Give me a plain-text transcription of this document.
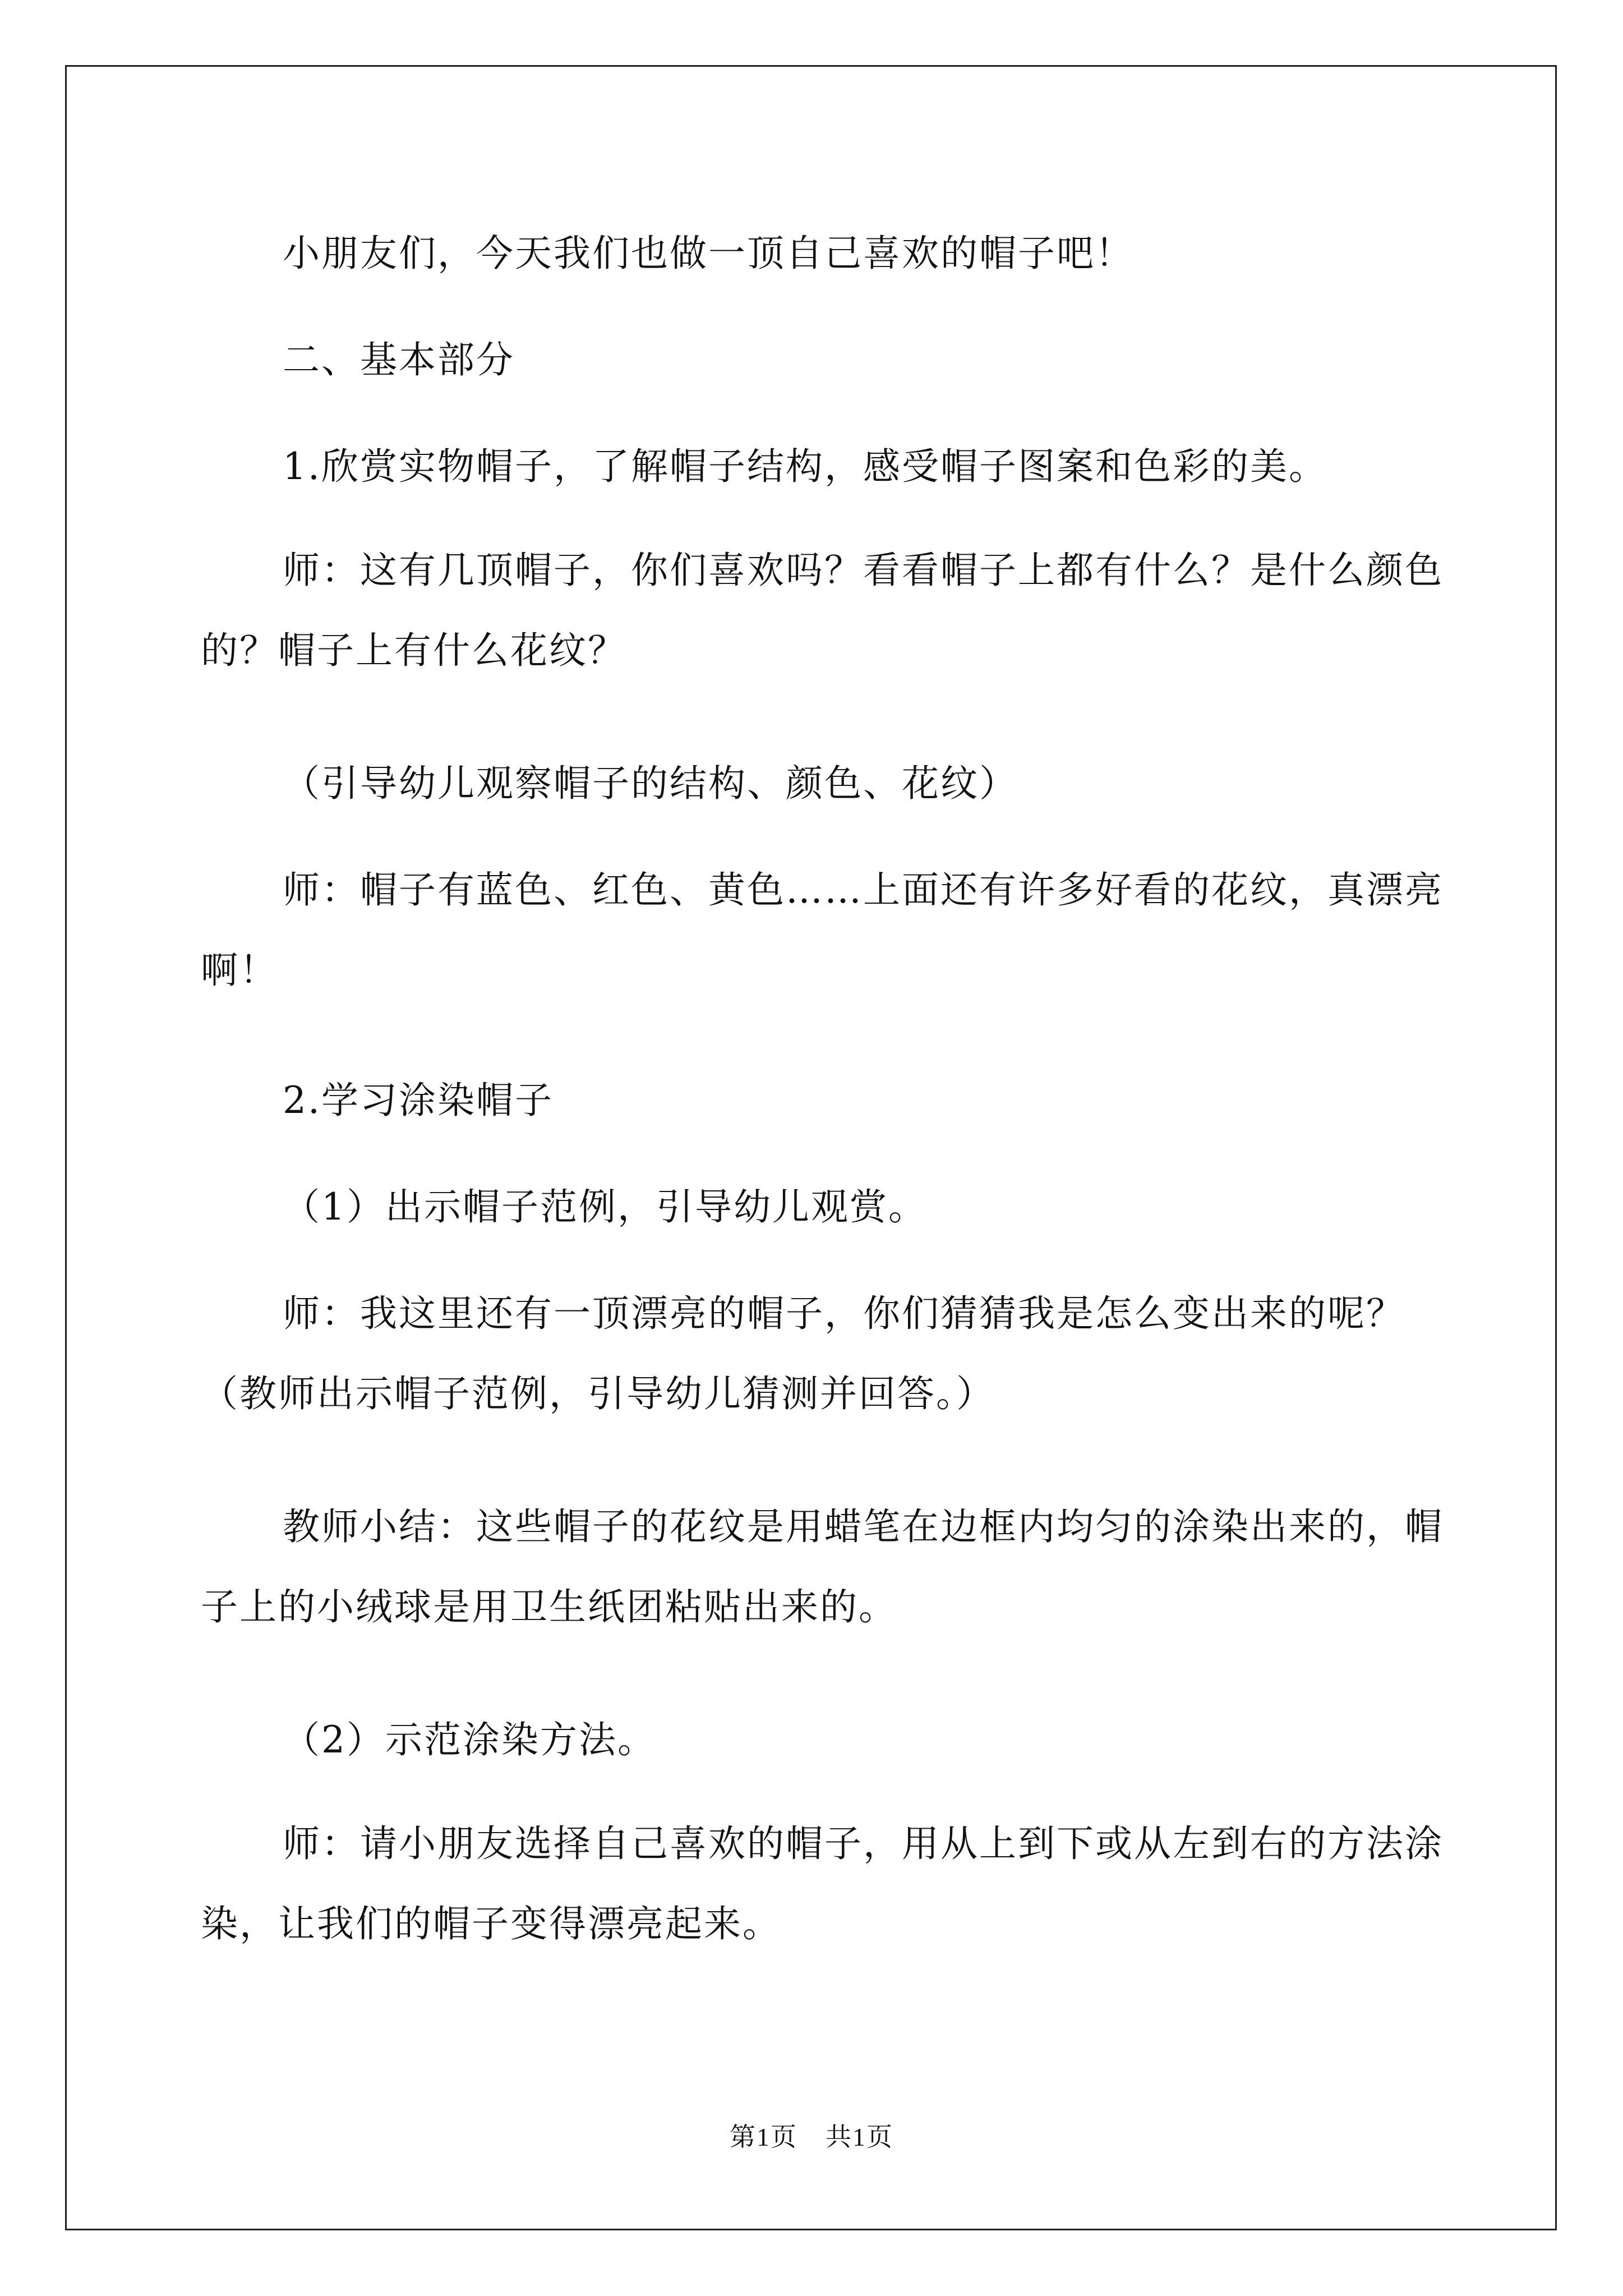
小朋友们，今天我们也做一顶自己喜欢的帽子吧！

二、基本部分

1.欣赏实物帽子，了解帽子结构，感受帽子图案和色彩的美。

师：这有几顶帽子，你们喜欢吗？看看帽子上都有什么？是什么颜色的？帽子上有什么花纹？

（引导幼儿观察帽子的结构、颜色、花纹）

师：帽子有蓝色、红色、黄色……上面还有许多好看的花纹，真漂亮啊！

2.学习涂染帽子

（1）出示帽子范例，引导幼儿观赏。

师：我这里还有一顶漂亮的帽子，你们猜猜我是怎么变出来的呢？（教师出示帽子范例，引导幼儿猜测并回答。）

教师小结：这些帽子的花纹是用蜡笔在边框内均匀的涂染出来的，帽子上的小绒球是用卫生纸团粘贴出来的。

（2）示范涂染方法。

师：请小朋友选择自己喜欢的帽子，用从上到下或从左到右的方法涂染，让我们的帽子变得漂亮起来。

第1页 共1页
